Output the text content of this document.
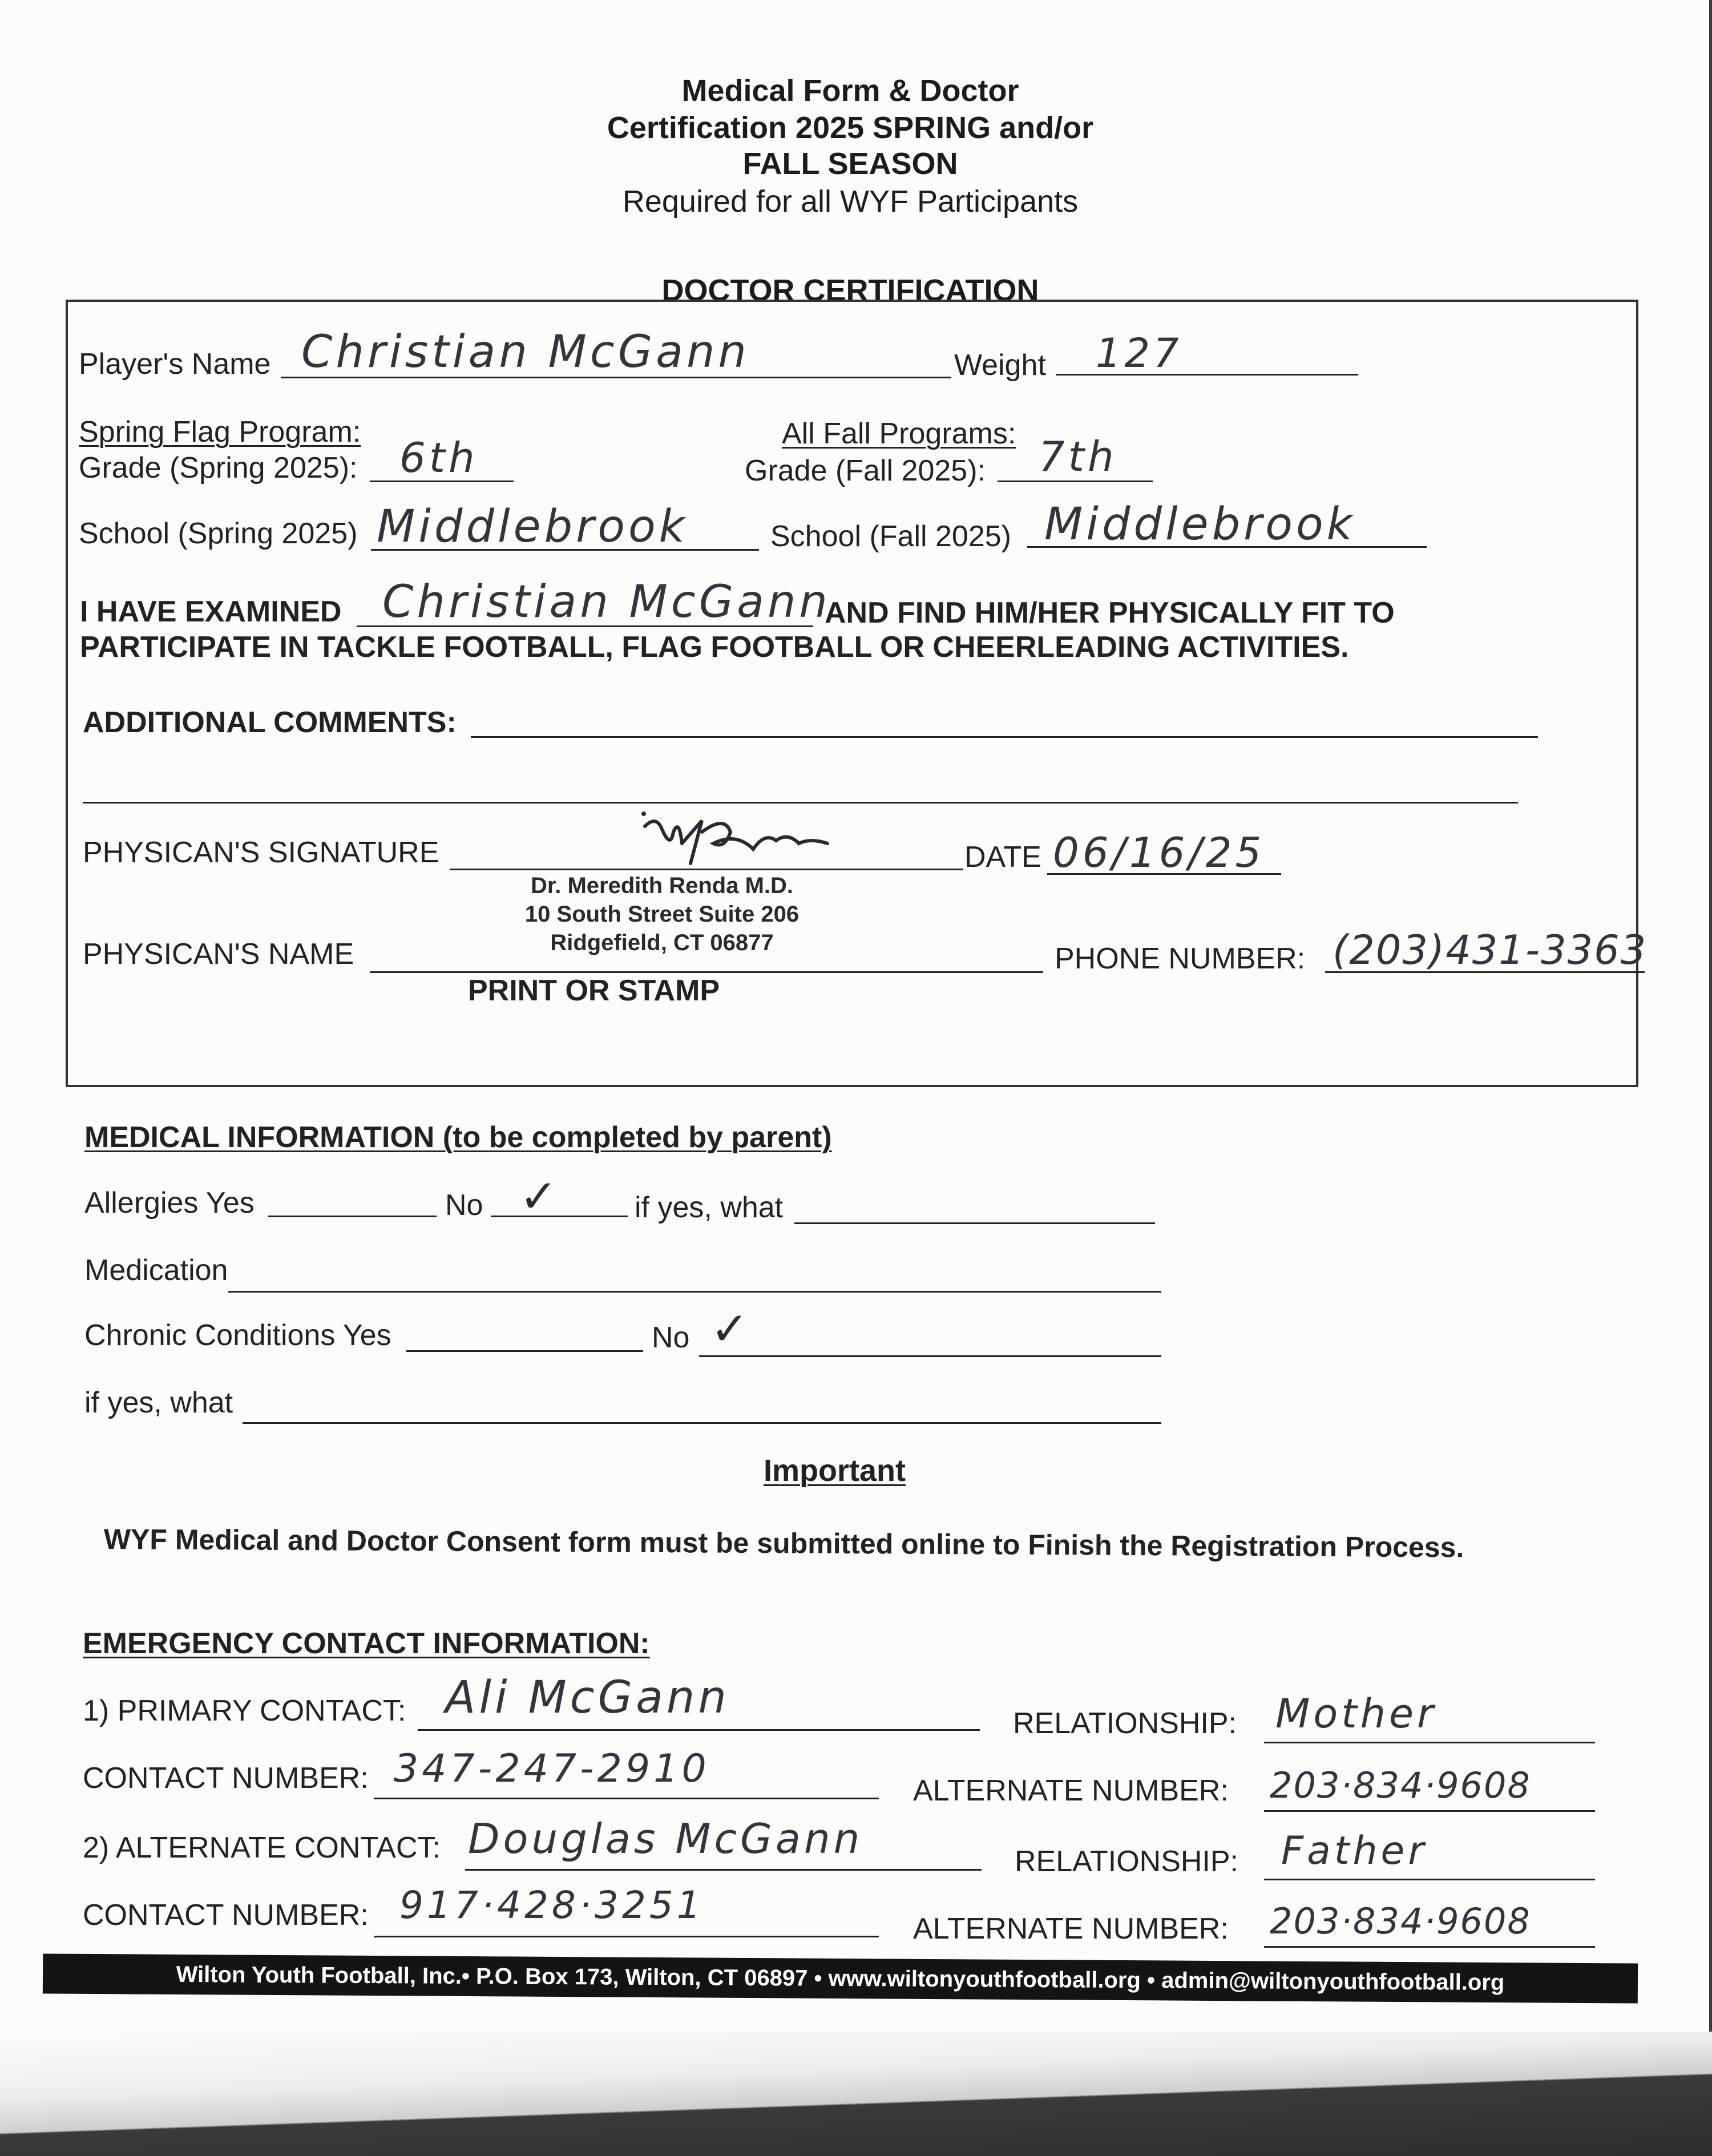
Medical Form & Doctor
Certification 2025 SPRING and/or
FALL SEASON
Required for all WYF Participants
DOCTOR CERTIFICATION
Player's Name Christian McGann	Weight 127
Spring Flag Program:
Grade (Spring 2025): 6th	All Fall Programs:
Grade (Fall 2025): 7th
School (Spring 2025) Middlebrook	School (Fall 2025) Middlebrook
I HAVE EXAMINED Christian McGann
AND FIND HIM/HER PHYSICALLY FIT TO
PARTICIPATE IN TACKLE FOOTBALL, FLAG FOOTBALL OR CHEERLEADING ACTIVITIES.
ADDITIONAL COMMENTS:
PHYSICAN'S SIGNATURE	DATE 06/16/25
Dr. Meredith Renda M.D.
10 South Street Suite 206
Ridgefield, CT 06877
PHYSICAN'S NAME
PRINT OR STAMP
PHONE NUMBER: (203)431-3363
MEDICAL INFORMATION (to be completed by parent)
Allergies Yes	No ✓	if yes, what
Medication
Chronic Conditions Yes	No ✓
if yes, what
Important
WYF Medical and Doctor Consent form must be submitted online to Finish the Registration Process.
EMERGENCY CONTACT INFORMATION:
1) PRIMARY CONTACT: Ali McGann	RELATIONSHIP: Mother
CONTACT NUMBER: 347-247-2910	ALTERNATE NUMBER: 203·834·9608
2) ALTERNATE CONTACT: Douglas McGann	RELATIONSHIP: Father
CONTACT NUMBER: 917·428·3251
ALTERNATE NUMBER: 203·834·9608
Wilton Youth Football, Inc.• P.O. Box 173, Wilton, CT 06897 • www.wiltonyouthfootball.org • admin@wiltonyouthfootball.org
